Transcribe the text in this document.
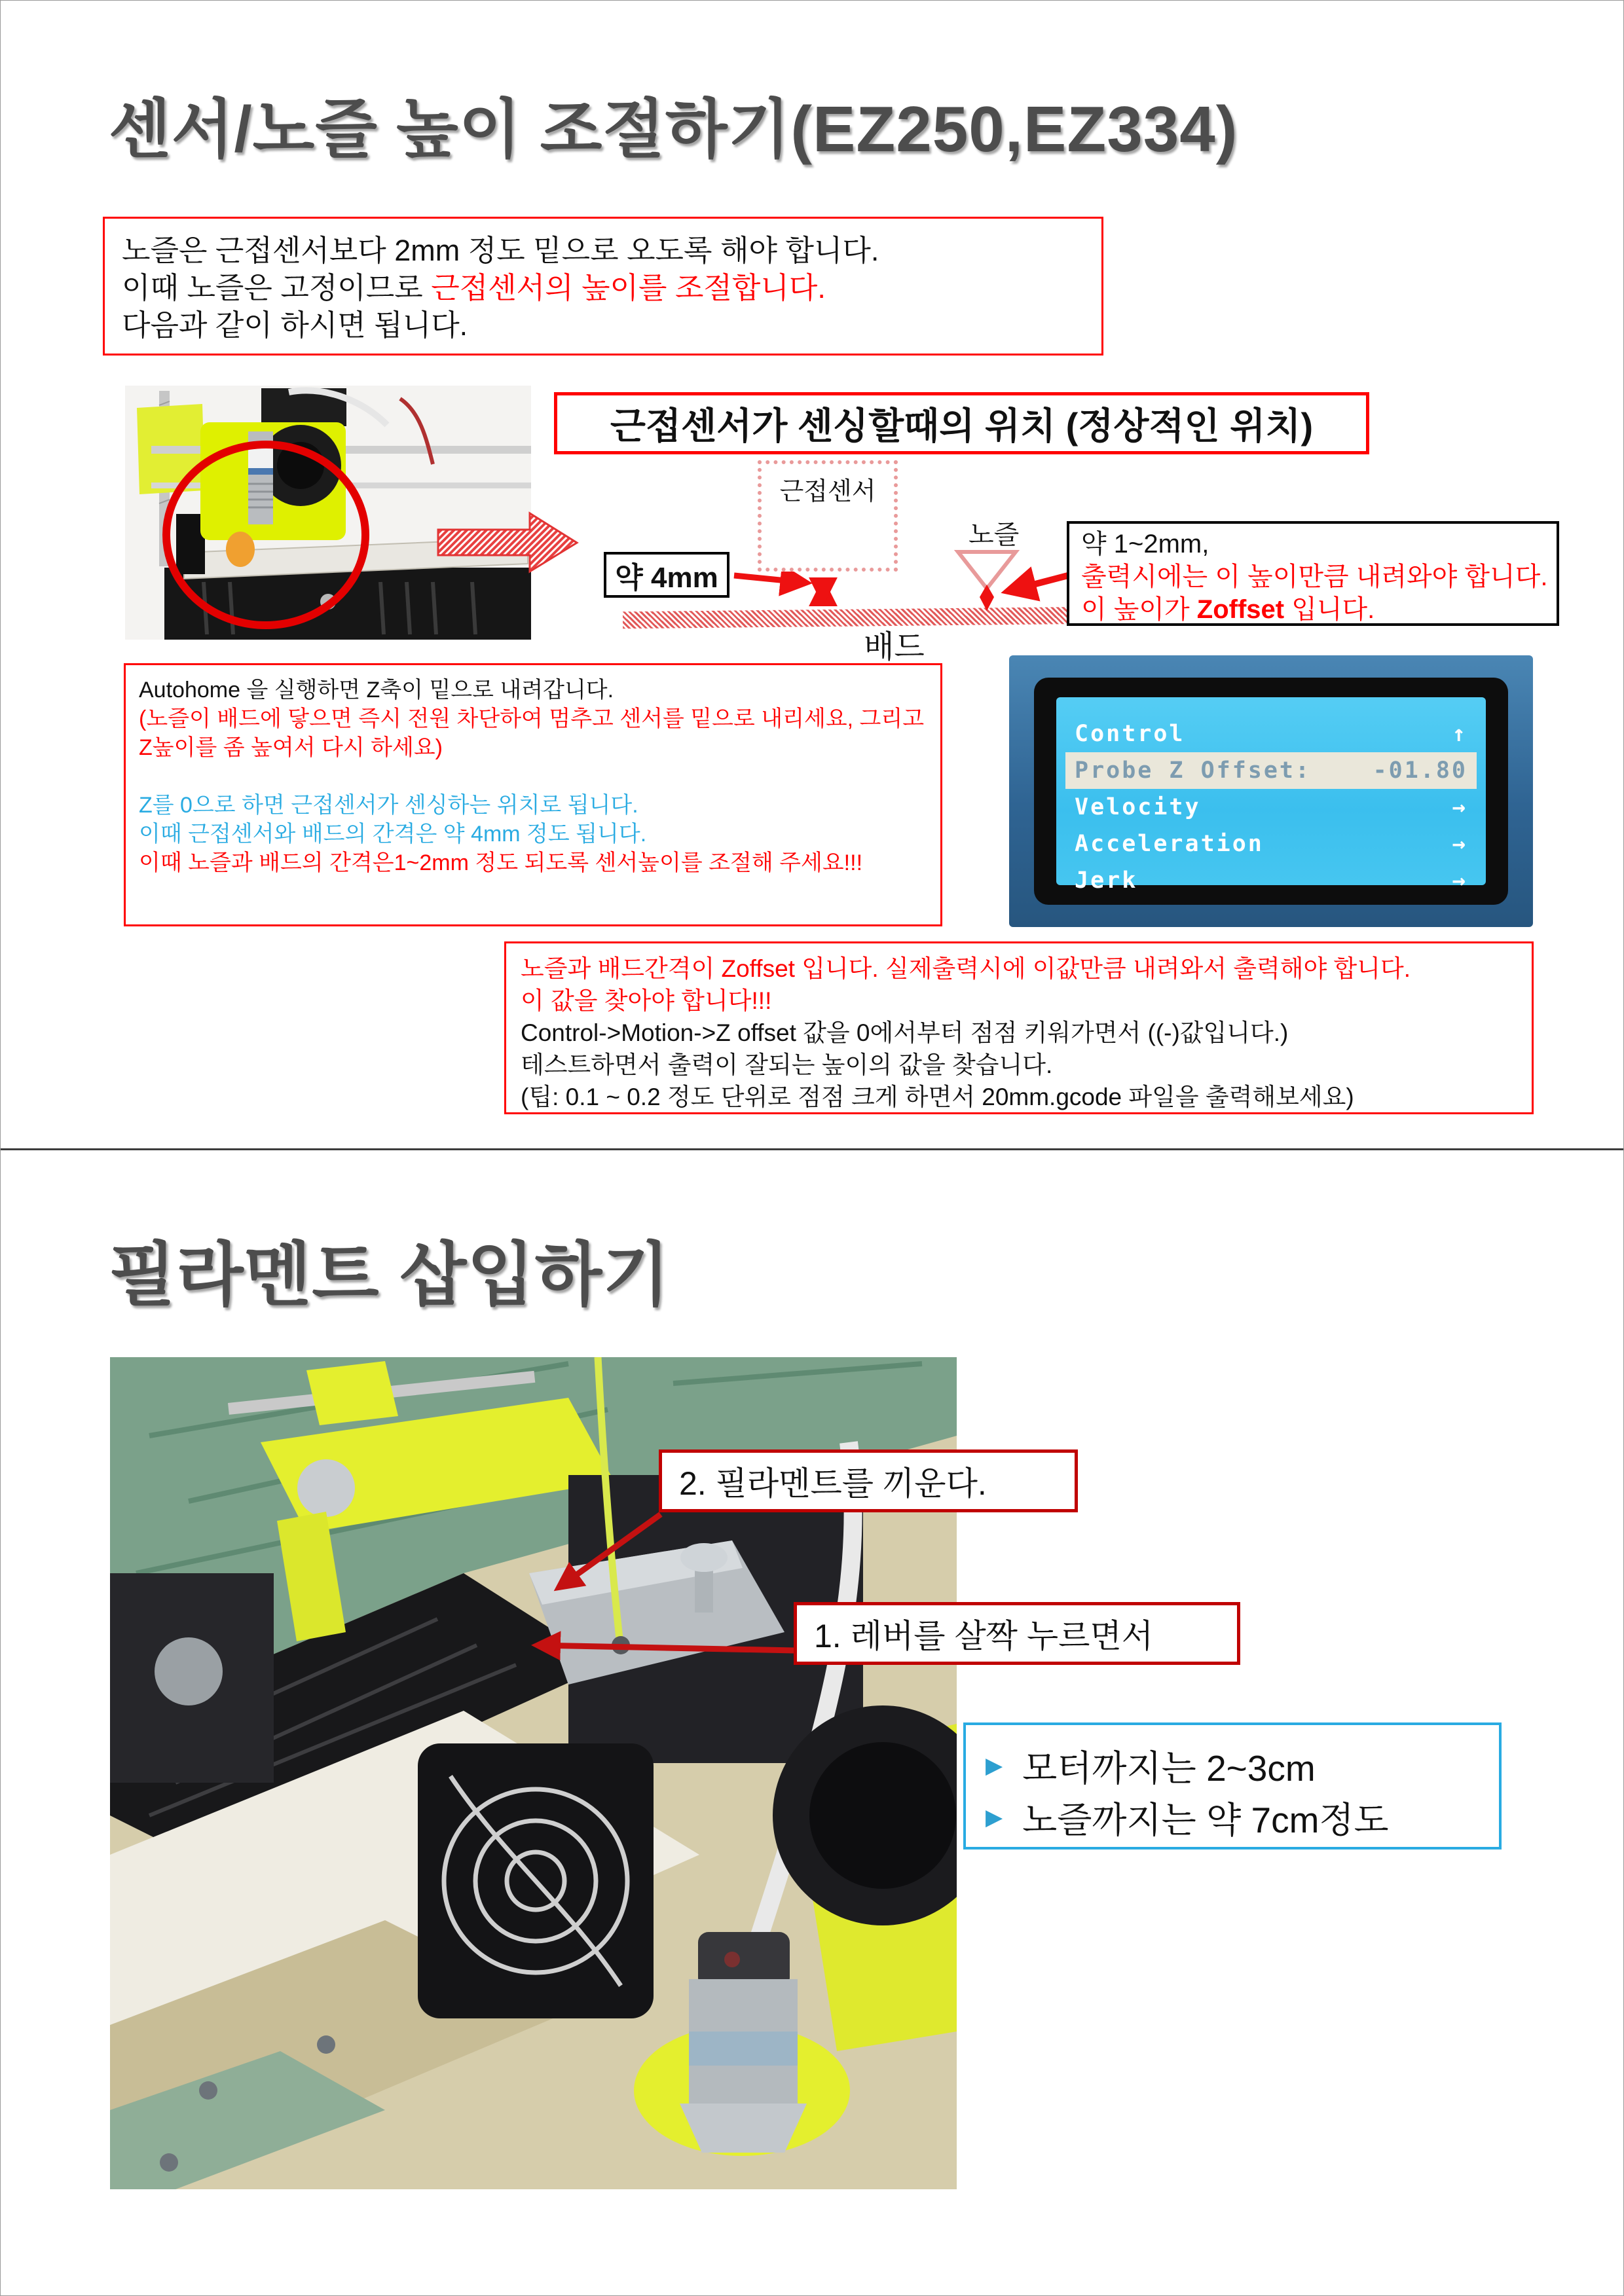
센서/노즐 높이 조절하기(EZ250,EZ334)
노즐은 근접센서보다 2mm 정도 밑으로 오도록 해야 합니다.
이때 노즐은 고정이므로 근접센서의 높이를 조절합니다.
다음과 같이 하시면 됩니다.
근접센서가 센싱할때의 위치 (정상적인 위치)
근접센서
약 4mm
노즐
배드
약 1~2mm,
출력시에는 이 높이만큼 내려와야 합니다.
이 높이가 Zoffset 입니다.
Autohome 을 실행하면 Z축이 밑으로 내려갑니다.
(노즐이 배드에 닿으면 즉시 전원 차단하여 멈추고 센서를 밑으로 내리세요, 그리고 Z높이를 좀 높여서 다시 하세요)
Z를 0으로 하면 근접센서가 센싱하는 위치로 됩니다.
이때 근접센서와 배드의 간격은 약 4mm 정도 됩니다.
이때 노즐과 배드의 간격은1~2mm 정도 되도록 센서높이를 조절해 주세요!!!
Control	↑
Probe Z Offset:	-01.80
Velocity	→
Acceleration	→
Jerk	→
노즐과 배드간격이 Zoffset 입니다. 실제출력시에 이값만큼 내려와서 출력해야 합니다.
이 값을 찾아야 합니다!!!
Control->Motion->Z offset 값을 0에서부터 점점 키워가면서 ((-)값입니다.)
테스트하면서 출력이 잘되는 높이의 값을 찾습니다.
(팁: 0.1 ~ 0.2 정도 단위로 점점 크게 하면서 20mm.gcode 파일을 출력해보세요)
필라멘트 삽입하기
2. 필라멘트를 끼운다.
1. 레버를 살짝 누르면서
▶ 모터까지는 2~3cm
▶ 노즐까지는 약 7cm정도
